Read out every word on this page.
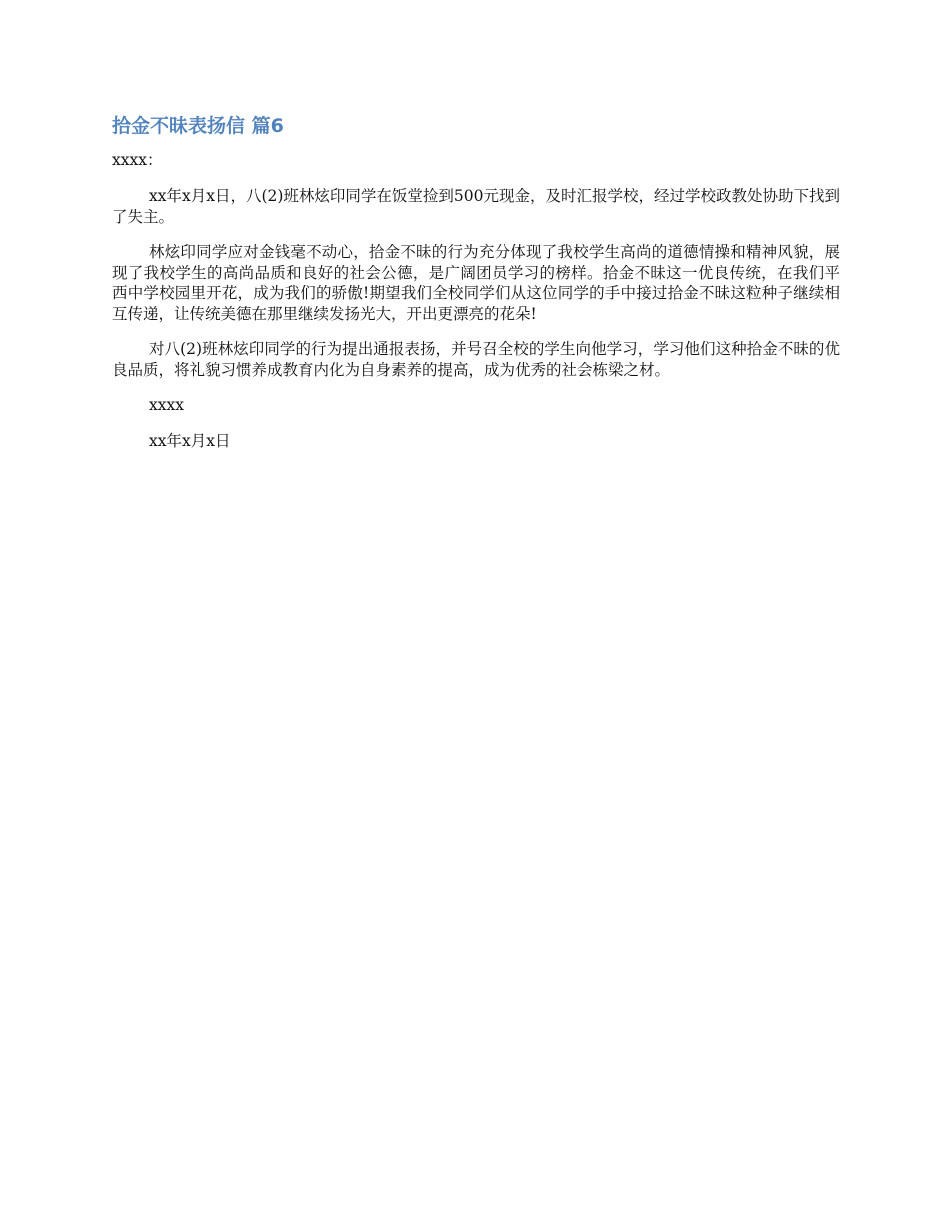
拾金不昧表扬信 篇6

xxxx：

xx年x月x日，八(2)班林炫印同学在饭堂捡到500元现金，及时汇报学校，经过学校政教处协助下找到了失主。

林炫印同学应对金钱毫不动心，拾金不昧的行为充分体现了我校学生高尚的道德情操和精神风貌，展现了我校学生的高尚品质和良好的社会公德，是广阔团员学习的榜样。拾金不昧这一优良传统，在我们平西中学校园里开花，成为我们的骄傲!期望我们全校同学们从这位同学的手中接过拾金不昧这粒种子继续相互传递，让传统美德在那里继续发扬光大，开出更漂亮的花朵!

对八(2)班林炫印同学的行为提出通报表扬，并号召全校的学生向他学习，学习他们这种拾金不昧的优良品质，将礼貌习惯养成教育内化为自身素养的提高，成为优秀的社会栋梁之材。

xxxx

xx年x月x日
